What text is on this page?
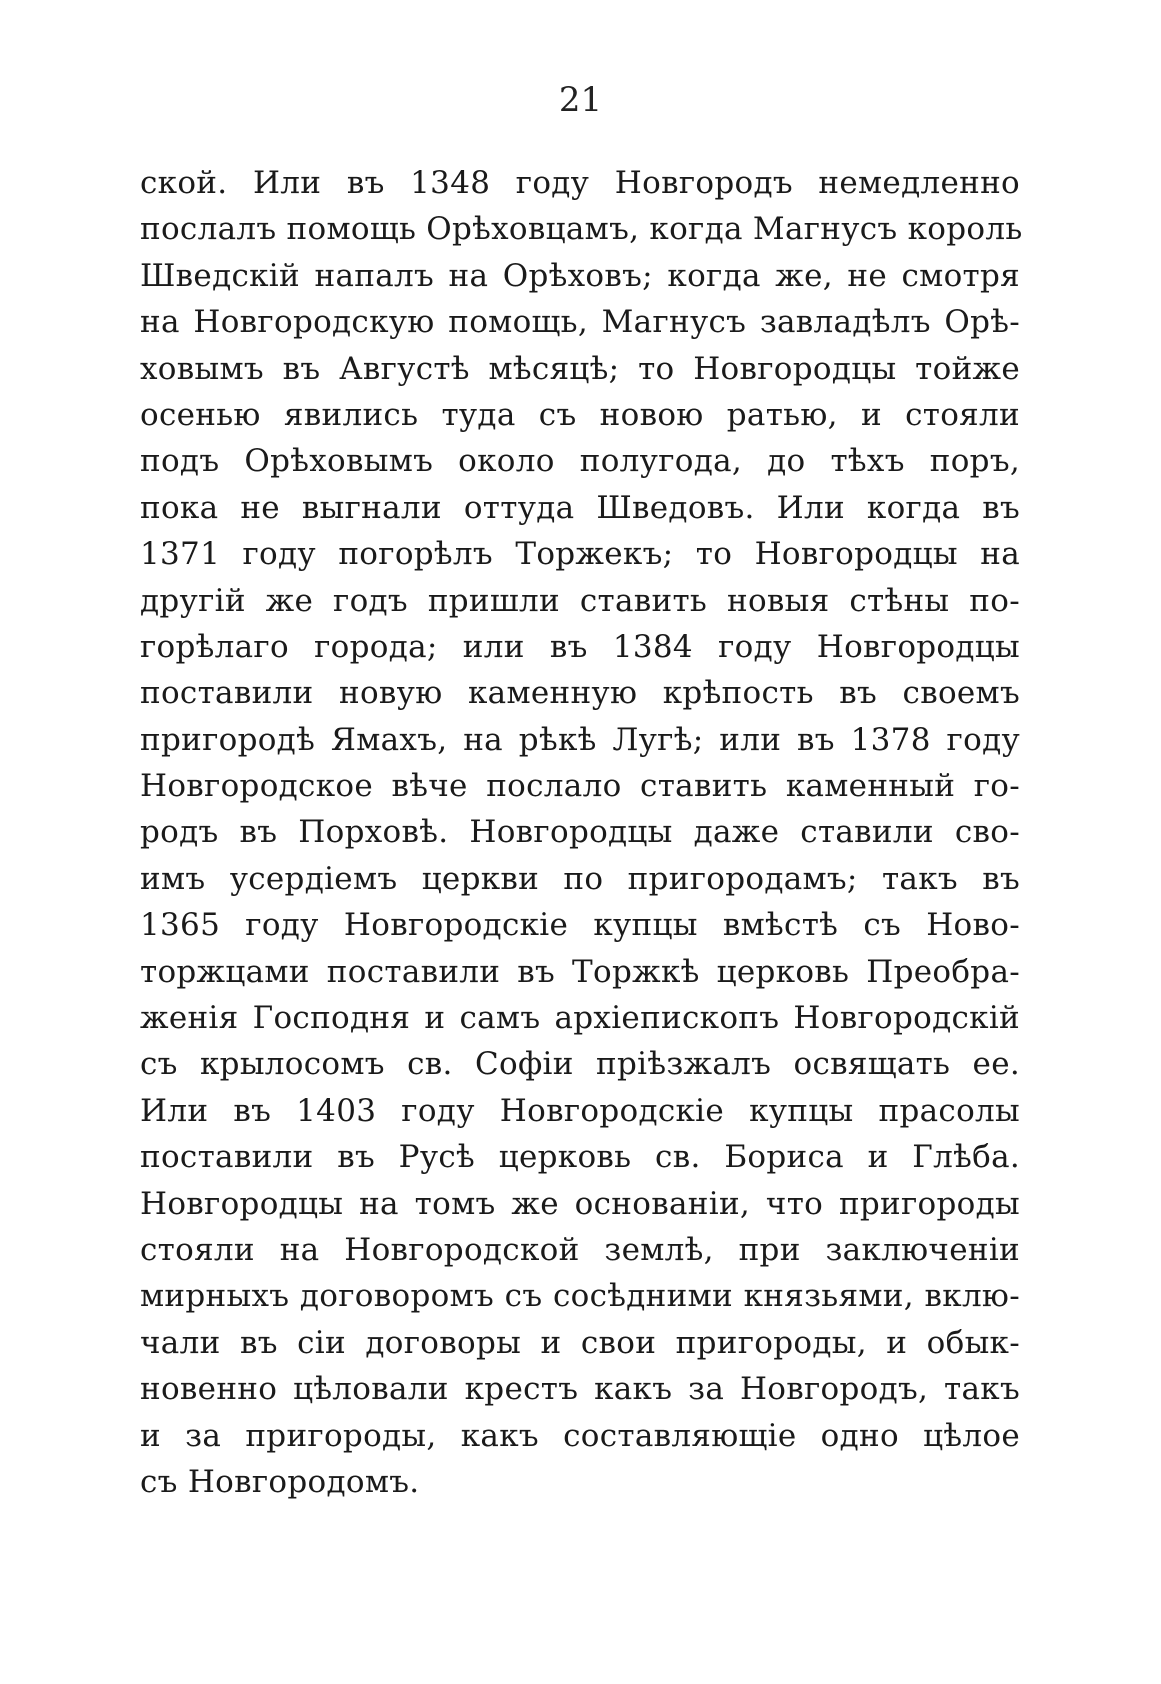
21
ской. Или въ 1348 году Новгородъ немедленно
послалъ помощь Орѣховцамъ, когда Магнусъ король
Шведскій напалъ на Орѣховъ; когда же, не смотря
на Новгородскую помощь, Магнусъ завладѣлъ Орѣ-
ховымъ въ Августѣ мѣсяцѣ; то Новгородцы тойже
осенью явились туда съ новою ратью, и стояли
подъ Орѣховымъ около полугода, до тѣхъ поръ,
пока не выгнали оттуда Шведовъ. Или когда въ
1371 году погорѣлъ Торжекъ; то Новгородцы на
другій же годъ пришли ставить новыя стѣны по-
горѣлаго города; или въ 1384 году Новгородцы
поставили новую каменную крѣпость въ своемъ
пригородѣ Ямахъ, на рѣкѣ Лугѣ; или въ 1378 году
Новгородское вѣче послало ставить каменный го-
родъ въ Порховѣ. Новгородцы даже ставили сво-
имъ усердіемъ церкви по пригородамъ; такъ въ
1365 году Новгородскіе купцы вмѣстѣ съ Ново-
торжцами поставили въ Торжкѣ церковь Преобра-
женія Господня и самъ архіепископъ Новгородскій
съ крылосомъ св. Софіи пріѣзжалъ освящать ее.
Или въ 1403 году Новгородскіе купцы прасолы
поставили въ Русѣ церковь св. Бориса и Глѣба.
Новгородцы на томъ же основаніи, что пригороды
стояли на Новгородской землѣ, при заключеніи
мирныхъ договоромъ съ сосѣдними князьями, вклю-
чали въ сіи договоры и свои пригороды, и обык-
новенно цѣловали крестъ какъ за Новгородъ, такъ
и за пригороды, какъ составляющіе одно цѣлое
съ Новгородомъ.
